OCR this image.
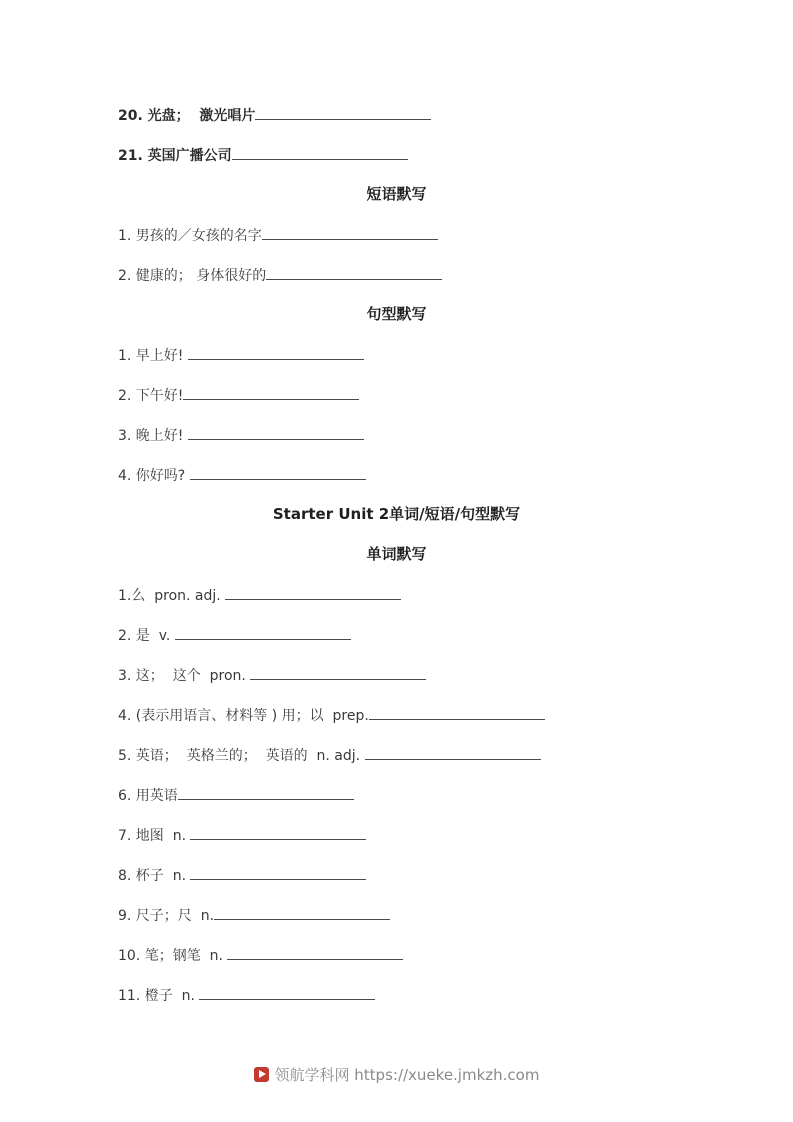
20. 光盘；  激光唱片
21. 英国广播公司
短语默写
1. 男孩的／女孩的名字
2. 健康的； 身体很好的
句型默写
1. 早上好!
2. 下午好!
3. 晚上好!
4. 你好吗?
Starter Unit 2单词/短语/句型默写
单词默写
1.么  pron. adj.
2. 是  v.
3. 这；  这个  pron.
4. (表示用语言、材料等 ) 用；以  prep.
5. 英语；  英格兰的；  英语的  n. adj.
6. 用英语
7. 地图  n.
8. 杯子  n.
9. 尺子；尺  n.
10. 笔；钢笔  n.
11. 橙子  n.
领航学科网 https://xueke.jmkzh.com
